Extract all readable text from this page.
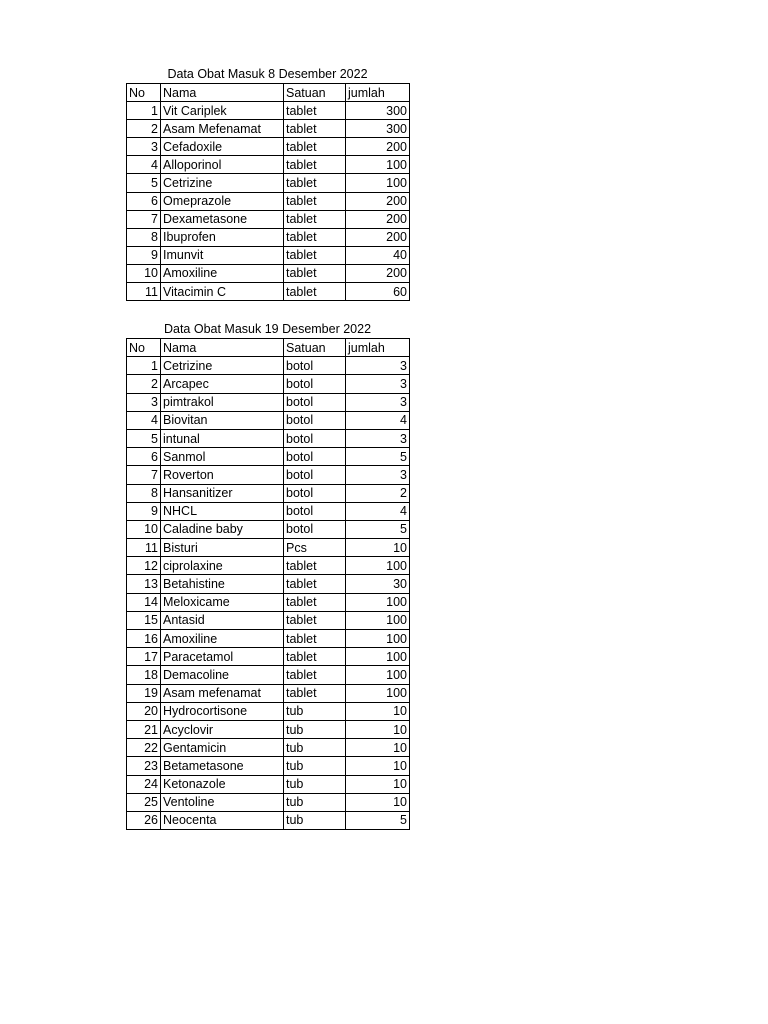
Data Obat Masuk 8 Desember 2022
No	Nama	Satuan	jumlah
1	Vit Cariplek	tablet	300
2	Asam Mefenamat	tablet	300
3	Cefadoxile	tablet	200
4	Alloporinol	tablet	100
5	Cetrizine	tablet	100
6	Omeprazole	tablet	200
7	Dexametasone	tablet	200
8	Ibuprofen	tablet	200
9	Imunvit	tablet	40
10	Amoxiline	tablet	200
11	Vitacimin C	tablet	60
Data Obat Masuk 19 Desember 2022
No	Nama	Satuan	jumlah
1	Cetrizine	botol	3
2	Arcapec	botol	3
3	pimtrakol	botol	3
4	Biovitan	botol	4
5	intunal	botol	3
6	Sanmol	botol	5
7	Roverton	botol	3
8	Hansanitizer	botol	2
9	NHCL	botol	4
10	Caladine baby	botol	5
11	Bisturi	Pcs	10
12	ciprolaxine	tablet	100
13	Betahistine	tablet	30
14	Meloxicame	tablet	100
15	Antasid	tablet	100
16	Amoxiline	tablet	100
17	Paracetamol	tablet	100
18	Demacoline	tablet	100
19	Asam mefenamat	tablet	100
20	Hydrocortisone	tub	10
21	Acyclovir	tub	10
22	Gentamicin	tub	10
23	Betametasone	tub	10
24	Ketonazole	tub	10
25	Ventoline	tub	10
26	Neocenta	tub	5
